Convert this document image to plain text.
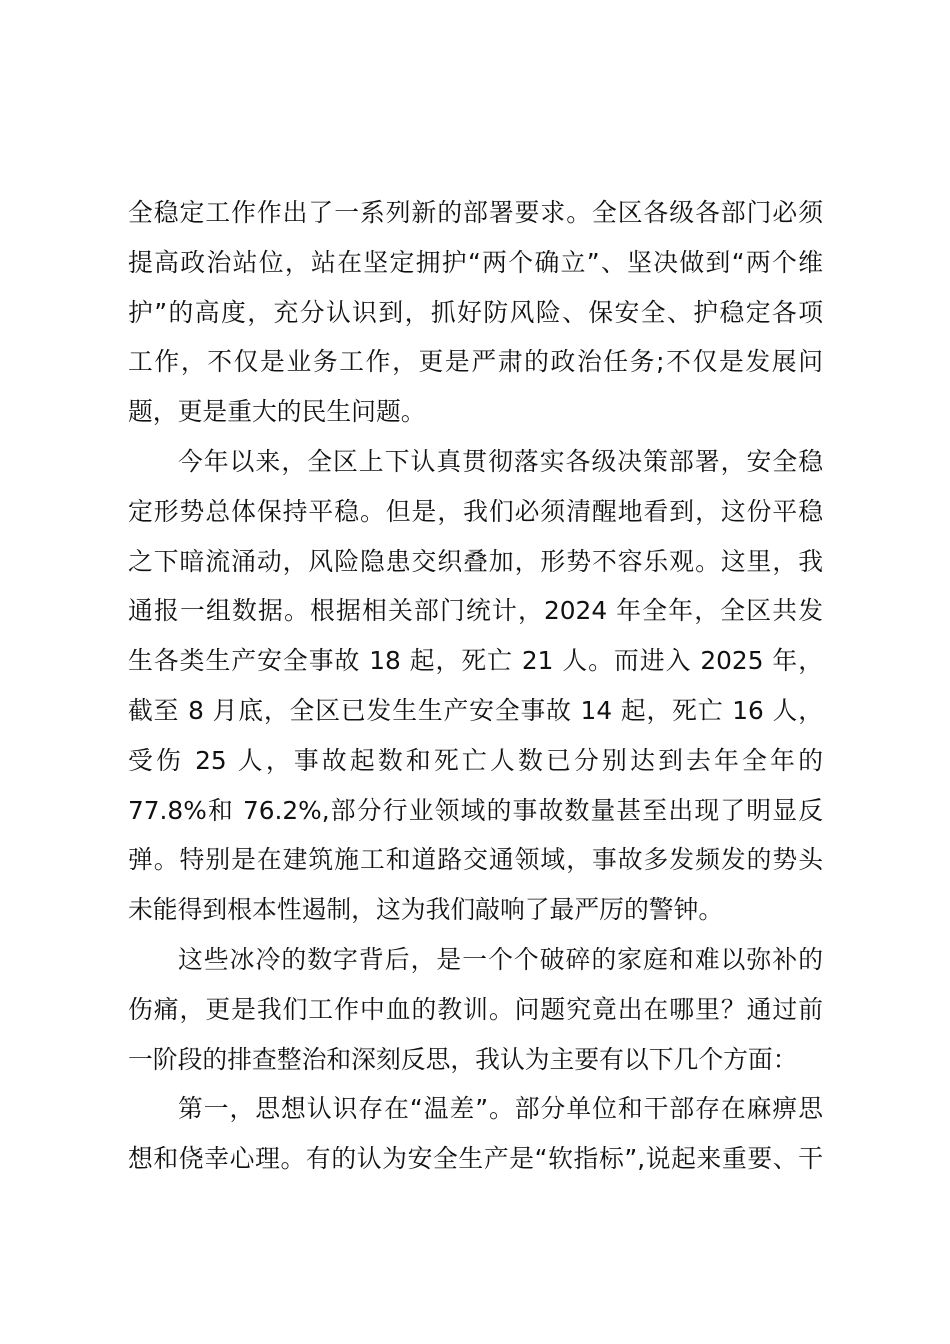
全稳定工作作出了一系列新的部署要求。全区各级各部门必须
提高政治站位，站在坚定拥护“两个确立”、坚决做到“两个维
护”的高度，充分认识到，抓好防风险、保安全、护稳定各项
工作，不仅是业务工作，更是严肃的政治任务;不仅是发展问
题，更是重大的民生问题。
今年以来，全区上下认真贯彻落实各级决策部署，安全稳
定形势总体保持平稳。但是，我们必须清醒地看到，这份平稳
之下暗流涌动，风险隐患交织叠加，形势不容乐观。这里，我
通报一组数据。根据相关部门统计，2024 年全年，全区共发
生各类生产安全事故 18 起，死亡 21 人。而进入 2025 年，
截至 8 月底，全区已发生生产安全事故 14 起，死亡 16 人，
受伤 25 人，事故起数和死亡人数已分别达到去年全年的
77.8%和 76.2%,部分行业领域的事故数量甚至出现了明显反
弹。特别是在建筑施工和道路交通领域，事故多发频发的势头
未能得到根本性遏制，这为我们敲响了最严厉的警钟。
这些冰冷的数字背后，是一个个破碎的家庭和难以弥补的
伤痛，更是我们工作中血的教训。问题究竟出在哪里？通过前
一阶段的排查整治和深刻反思，我认为主要有以下几个方面：
第一，思想认识存在“温差”。部分单位和干部存在麻痹思
想和侥幸心理。有的认为安全生产是“软指标”,说起来重要、干
